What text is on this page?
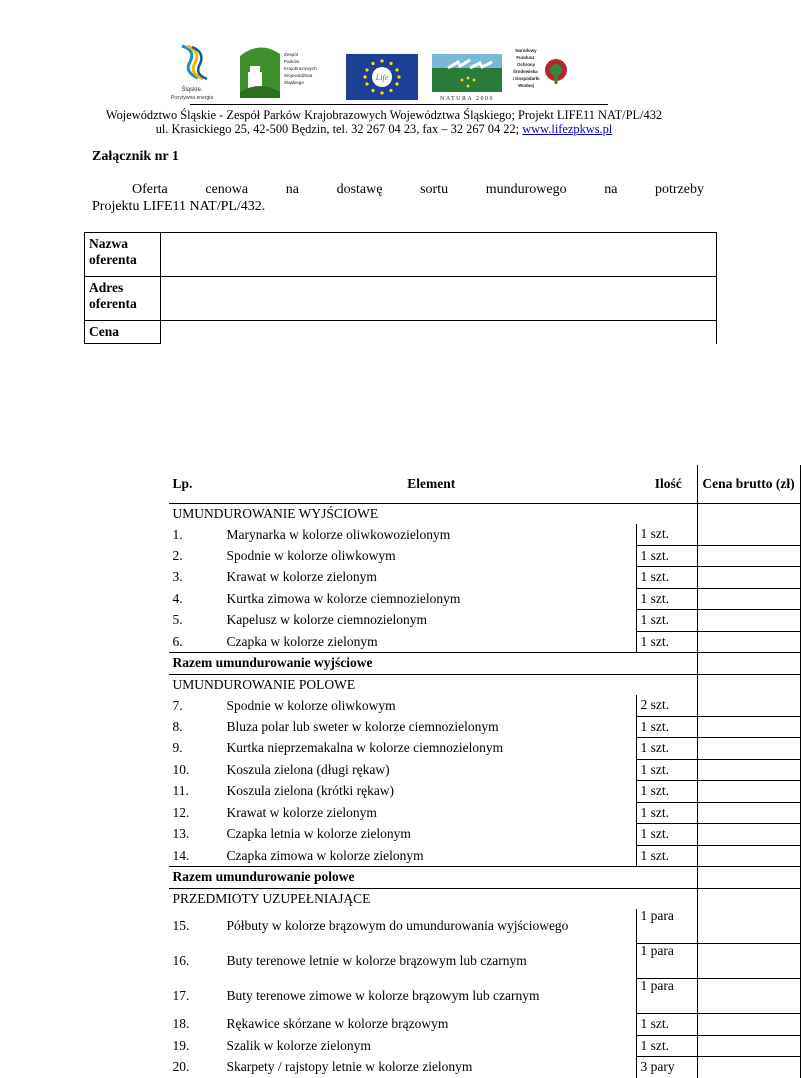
Śląskie.
Pozytywna energia
Zespół Parków Krajobrazowych Województwa Śląskiego
Life
NATURA 2000
Narodowy Fundusz Ochrony Środowiska i Gospodarki Wodnej
Województwo Śląskie - Zespół Parków Krajobrazowych Województwa Śląskiego; Projekt LIFE11 NAT/PL/432
ul. Krasickiego 25, 42-500 Będzin, tel. 32 267 04 23, fax – 32 267 04 22; www.lifezpkws.pl
Załącznik nr 1
Oferta	cenowa	na	dostawę	sortu	mundurowego	na	potrzeby
Projektu LIFE11 NAT/PL/432.
Nazwa oferenta	
Adres oferenta	
Cena	
Lp.	Element	Ilość	Cena brutto (zł)
UMUNDUROWANIE WYJŚCIOWE	
1.	Marynarka w kolorze oliwkowozielonym	1 szt.	
2.	Spodnie w kolorze oliwkowym	1 szt.	
3.	Krawat w kolorze zielonym	1 szt.	
4.	Kurtka zimowa w kolorze ciemnozielonym	1 szt.	
5.	Kapelusz w kolorze ciemnozielonym	1 szt.	
6.	Czapka w kolorze zielonym	1 szt.	
Razem umundurowanie wyjściowe	
UMUNDUROWANIE POLOWE	
7.	Spodnie w kolorze oliwkowym	2 szt.	
8.	Bluza polar lub sweter w kolorze ciemnozielonym	1 szt.	
9.	Kurtka nieprzemakalna w kolorze ciemnozielonym	1 szt.	
10.	Koszula zielona (długi rękaw)	1 szt.	
11.	Koszula zielona (krótki rękaw)	1 szt.	
12.	Krawat w kolorze zielonym	1 szt.	
13.	Czapka letnia w kolorze zielonym	1 szt.	
14.	Czapka zimowa w kolorze zielonym	1 szt.	
Razem umundurowanie polowe	
PRZEDMIOTY UZUPEŁNIAJĄCE	
15.	Półbuty w kolorze brązowym do umundurowania wyjściowego	1 para	
16.	Buty terenowe letnie w kolorze brązowym lub czarnym	1 para	
17.	Buty terenowe zimowe w kolorze brązowym lub czarnym	1 para	
18.	Rękawice skórzane w kolorze brązowym	1 szt.	
19.	Szalik w kolorze zielonym	1 szt.	
20.	Skarpety / rajstopy letnie w kolorze zielonym	3 pary	
